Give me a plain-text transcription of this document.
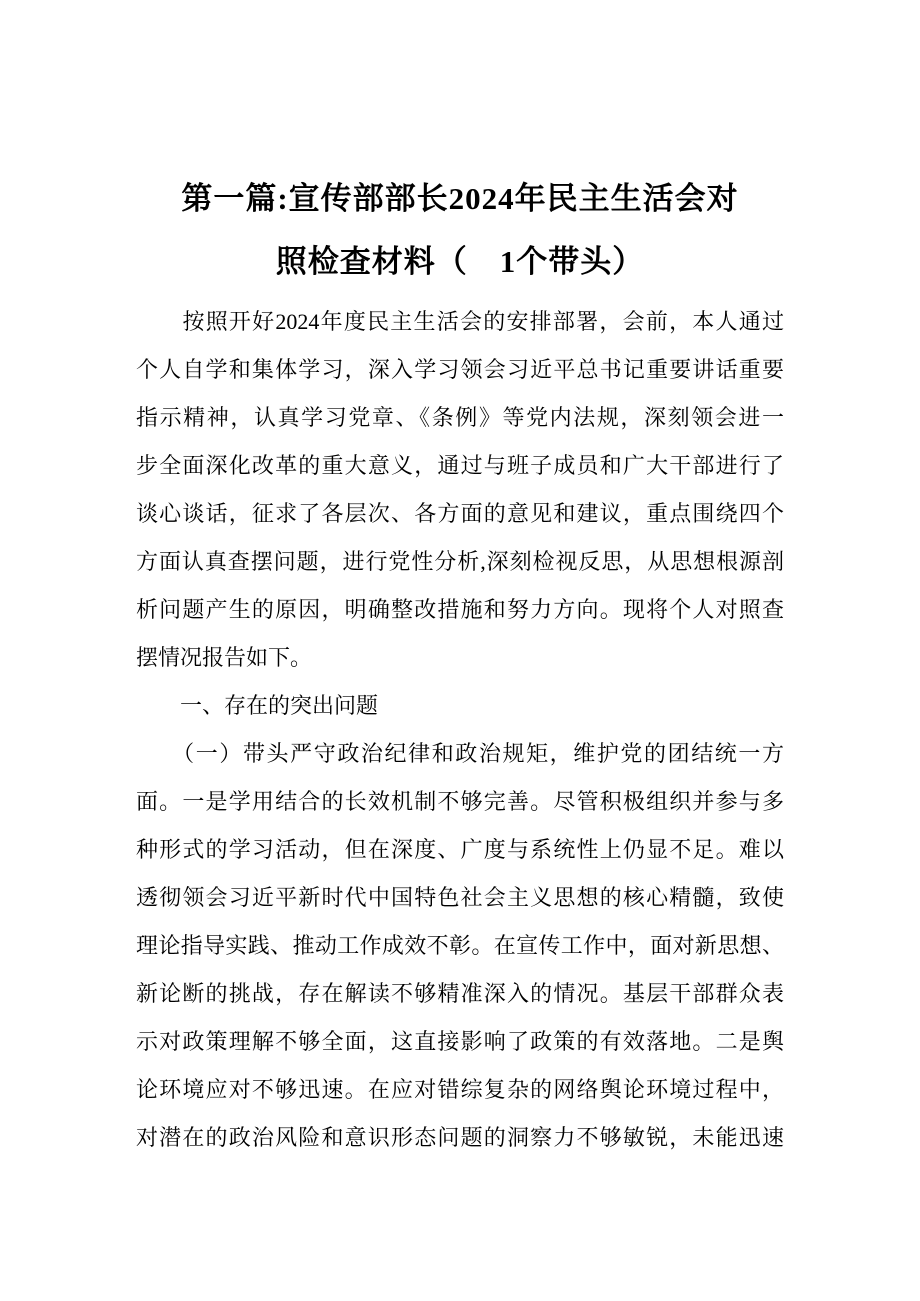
第一篇:宣传部部长2024年民主生活会对
照检查材料（　1个带头）
　　按照开好2024年度民主生活会的安排部署，会前，本人通过
个人自学和集体学习，深入学习领会习近平总书记重要讲话重要
指示精神，认真学习党章、《条例》等党内法规，深刻领会进一
步全面深化改革的重大意义，通过与班子成员和广大干部进行了
谈心谈话，征求了各层次、各方面的意见和建议，重点围绕四个
方面认真查摆问题，进行党性分析,深刻检视反思，从思想根源剖
析问题产生的原因，明确整改措施和努力方向。现将个人对照查
摆情况报告如下。
　　一、存在的突出问题
　　（一）带头严守政治纪律和政治规矩，维护党的团结统一方
面。一是学用结合的长效机制不够完善。尽管积极组织并参与多
种形式的学习活动，但在深度、广度与系统性上仍显不足。难以
透彻领会习近平新时代中国特色社会主义思想的核心精髓，致使
理论指导实践、推动工作成效不彰。在宣传工作中，面对新思想、
新论断的挑战，存在解读不够精准深入的情况。基层干部群众表
示对政策理解不够全面，这直接影响了政策的有效落地。二是舆
论环境应对不够迅速。在应对错综复杂的网络舆论环境过程中，
对潜在的政治风险和意识形态问题的洞察力不够敏锐，未能迅速
